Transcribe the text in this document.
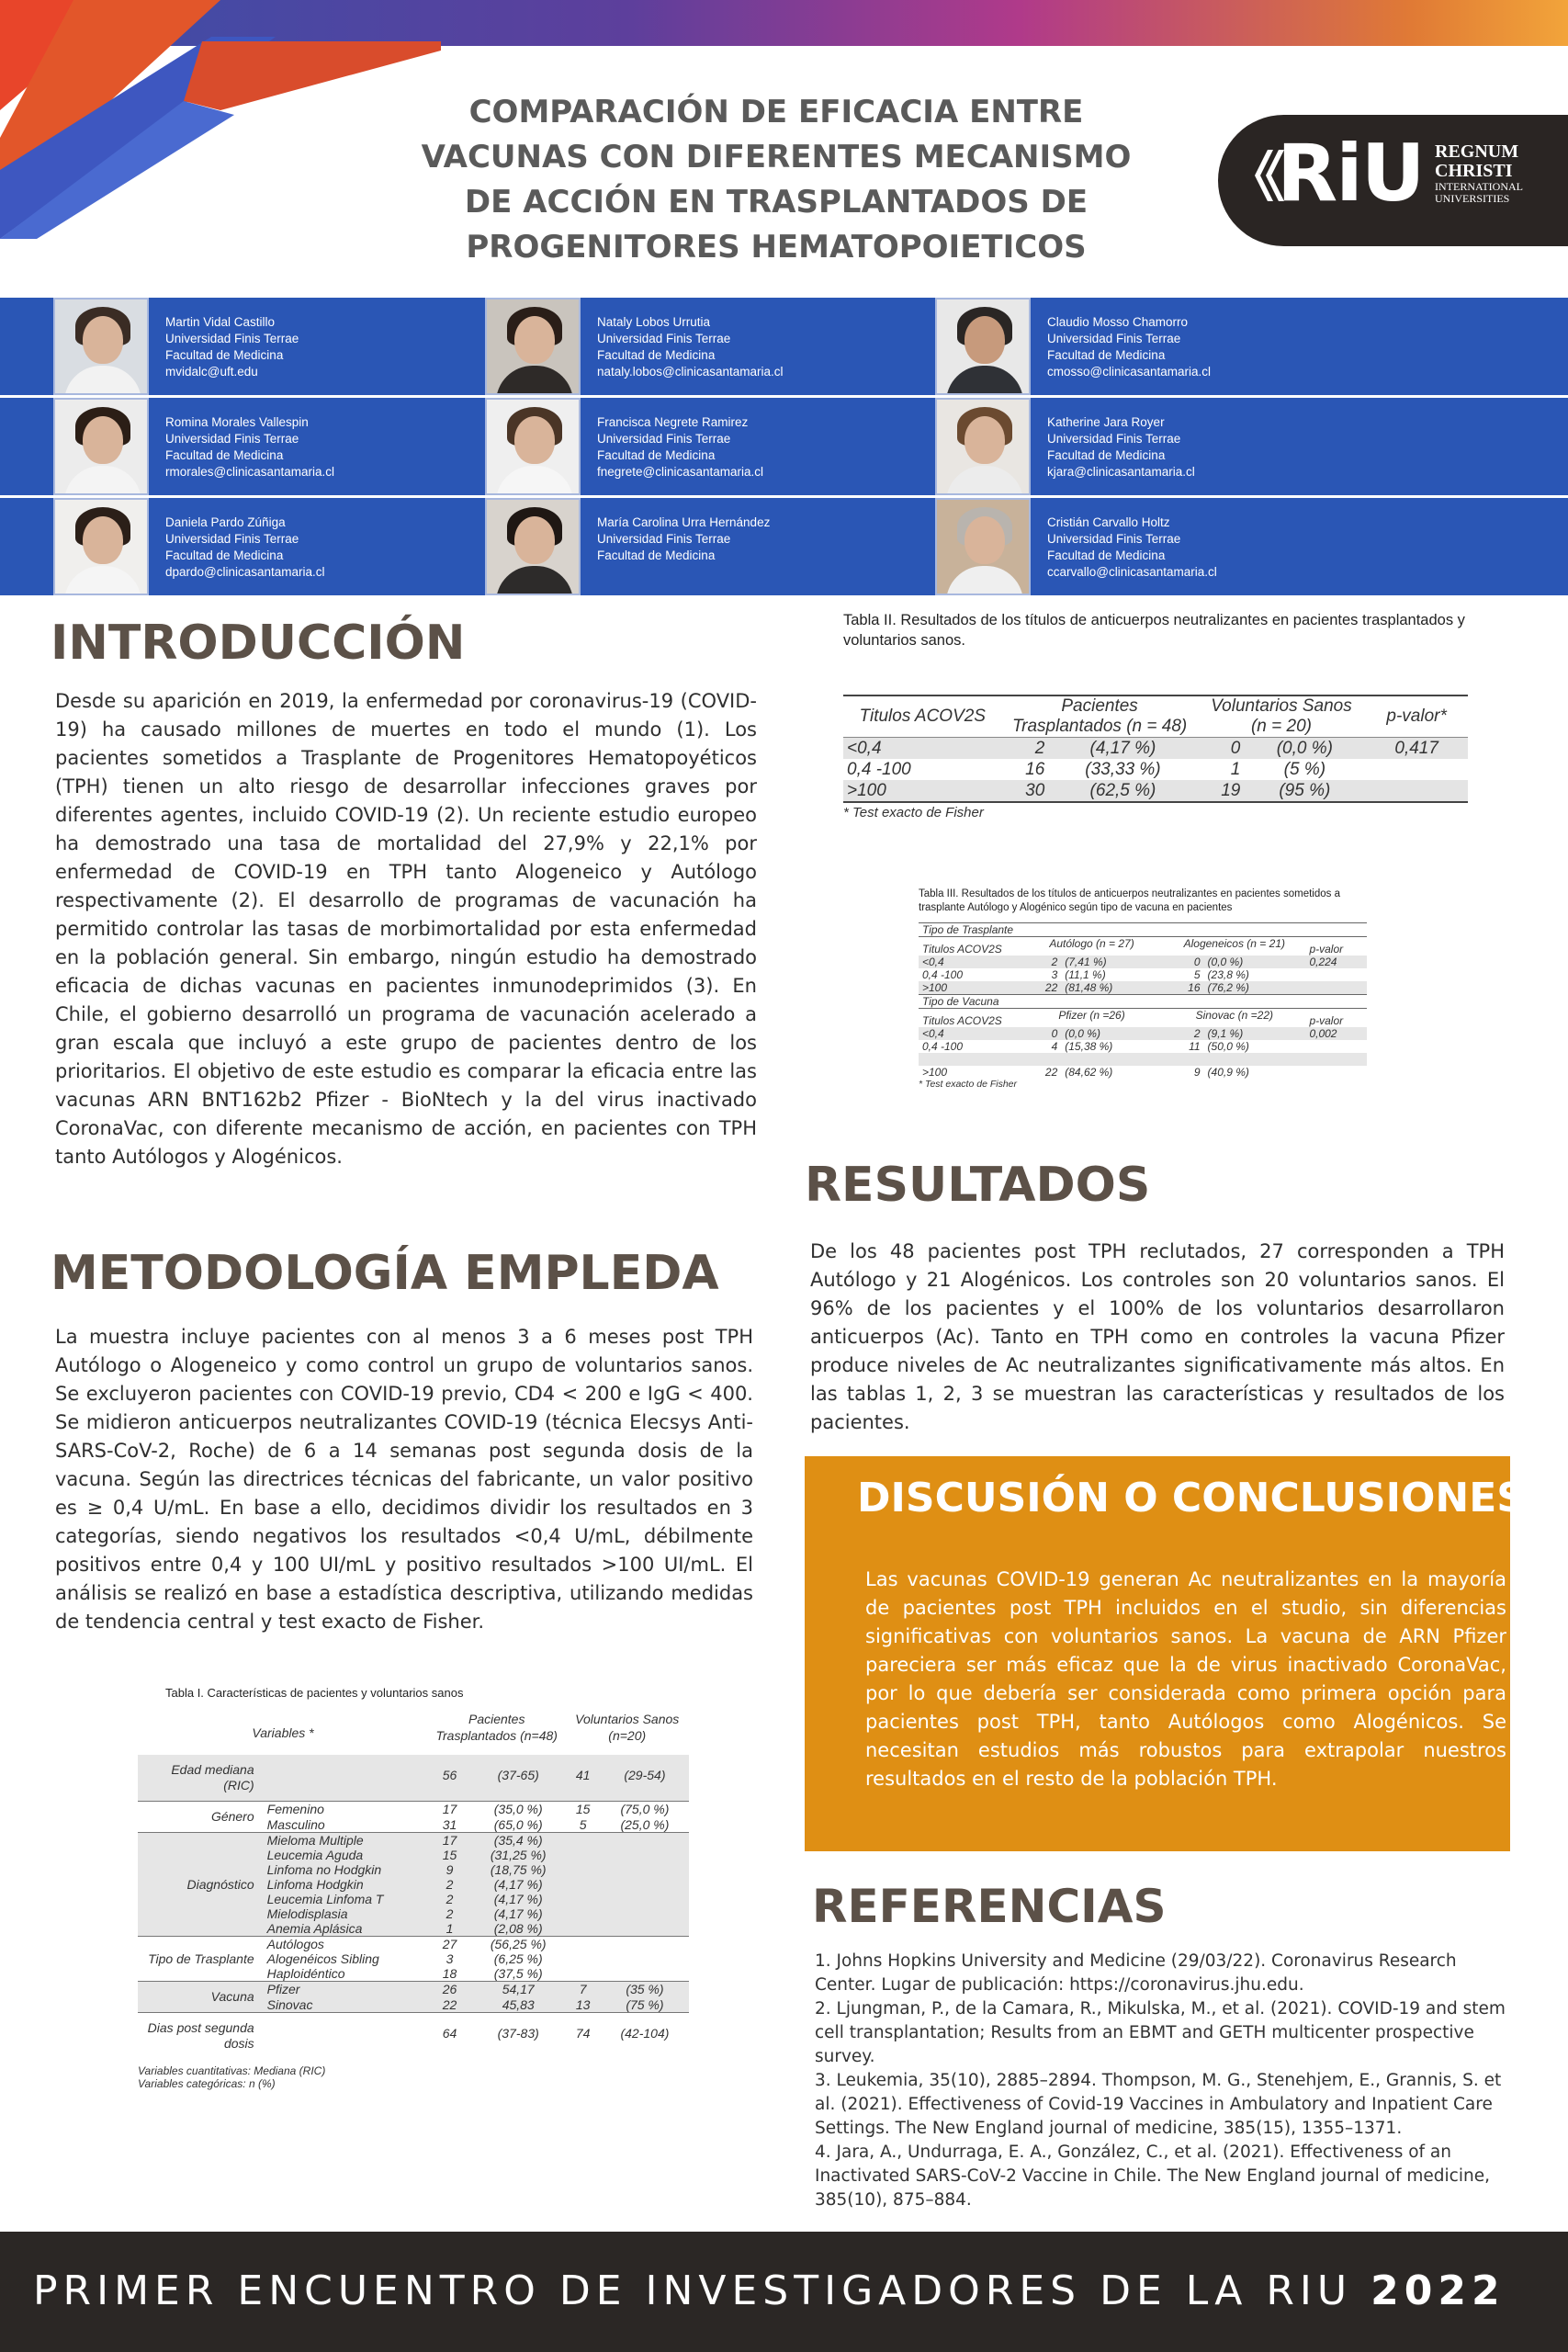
COMPARACIÓN DE EFICACIA ENTRE
VACUNAS CON DIFERENTES MECANISMO
DE ACCIÓN EN TRASPLANTADOS DE
PROGENITORES HEMATOPOIETICOS
RiU REGNUM
CHRISTI
INTERNATIONAL
UNIVERSITIES
Martin Vidal Castillo
Universidad Finis Terrae
Facultad de Medicina
mvidalc@uft.edu
Nataly Lobos Urrutia
Universidad Finis Terrae
Facultad de Medicina
nataly.lobos@clinicasantamaria.cl
Claudio Mosso Chamorro
Universidad Finis Terrae
Facultad de Medicina
cmosso@clinicasantamaria.cl
Romina Morales Vallespin
Universidad Finis Terrae
Facultad de Medicina
rmorales@clinicasantamaria.cl
Francisca Negrete Ramirez
Universidad Finis Terrae
Facultad de Medicina
fnegrete@clinicasantamaria.cl
Katherine Jara Royer
Universidad Finis Terrae
Facultad de Medicina
kjara@clinicasantamaria.cl
Daniela Pardo Zúñiga
Universidad Finis Terrae
Facultad de Medicina
dpardo@clinicasantamaria.cl
María Carolina Urra Hernández
Universidad Finis Terrae
Facultad de Medicina
Cristián Carvallo Holtz
Universidad Finis Terrae
Facultad de Medicina
ccarvallo@clinicasantamaria.cl
INTRODUCCIÓN
Desde su aparición en 2019, la enfermedad por coronavirus-19 (COVID-19) ha causado millones de muertes en todo el mundo (1). Los pacientes sometidos a Trasplante de Progenitores Hematopoyéticos (TPH) tienen un alto riesgo de desarrollar infecciones graves por diferentes agentes, incluido COVID-19 (2). Un reciente estudio europeo ha demostrado una tasa de mortalidad del 27,9% y 22,1% por enfermedad de COVID-19 en TPH tanto Alogeneico y Autólogo respectivamente (2). El desarrollo de programas de vacunación ha permitido controlar las tasas de morbimortalidad por esta enfermedad en la población general. Sin embargo, ningún estudio ha demostrado eficacia de dichas vacunas en pacientes inmunodeprimidos (3). En Chile, el gobierno desarrolló un programa de vacunación acelerado a gran escala que incluyó a este grupo de pacientes dentro de los prioritarios. El objetivo de este estudio es comparar la eficacia entre las vacunas ARN BNT162b2 Pfizer - BioNtech y la del virus inactivado CoronaVac, con diferente mecanismo de acción, en pacientes con TPH tanto Autólogos y Alogénicos.
METODOLOGÍA EMPLEDA
La muestra incluye pacientes con al menos 3 a 6 meses post TPH Autólogo o Alogeneico y como control un grupo de voluntarios sanos. Se excluyeron pacientes con COVID-19 previo, CD4 < 200 e IgG < 400. Se midieron anticuerpos neutralizantes COVID-19 (técnica Elecsys Anti-SARS-CoV-2, Roche) de 6 a 14 semanas post segunda dosis de la vacuna. Según las directrices técnicas del fabricante, un valor positivo es ≥ 0,4 U/mL. En base a ello, decidimos dividir los resultados en 3 categorías, siendo negativos los resultados <0,4 U/mL, débilmente positivos entre 0,4 y 100 UI/mL y positivo resultados >100 UI/mL. El análisis se realizó en base a estadística descriptiva, utilizando medidas de tendencia central y test exacto de Fisher.
Tabla I. Características de pacientes y voluntarios sanos
Variables *		Pacientes Trasplantados (n=48)		Voluntarios Sanos (n=20)	
Edad mediana (RIC)		56	(37-65)	41	(29-54)
Género	Femenino	17	(35,0 %)	15	(75,0 %)
	Masculino	31	(65,0 %)	5	(25,0 %)
Diagnóstico	Mieloma Multiple	17	(35,4 %)		
	Leucemia Aguda	15	(31,25 %)		
	Linfoma no Hodgkin	9	(18,75 %)		
	Linfoma Hodgkin	2	(4,17 %)		
	Leucemia Linfoma T	2	(4,17 %)		
	Mielodisplasia	2	(4,17 %)		
	Anemia Aplásica	1	(2,08 %)		
Tipo de Trasplante	Autólogos	27	(56,25 %)		
	Alogenéicos Sibling	3	(6,25 %)		
	Haploidéntico	18	(37,5 %)		
Vacuna	Pfizer	26	54,17	7	(35 %)
	Sinovac	22	45,83	13	(75 %)
Dias post segunda dosis		64	(37-83)	74	(42-104)
Variables cuantitativas: Mediana (RIC)
Variables categóricas: n (%)
Tabla II. Resultados de los títulos de anticuerpos neutralizantes en pacientes trasplantados y voluntarios sanos.
Titulos ACOV2S	Pacientes Trasplantados (n = 48)		Voluntarios Sanos (n = 20)		p-valor*
<0,4	2	(4,17 %)	0	(0,0 %)	0,417
0,4 -100	16	(33,33 %)	1	(5 %)	
>100	30	(62,5 %)	19	(95 %)	
* Test exacto de Fisher
Tabla III. Resultados de los títulos de anticuerpos neutralizantes en pacientes sometidos a trasplante Autólogo y Alogénico según tipo de vacuna en pacientes
Tipo de Trasplante					
Titulos ACOV2S	Autólogo (n = 27)		Alogeneicos (n = 21)		p-valor
<0,4	2	(7,41 %)	0	(0,0 %)	0,224
0,4 -100	3	(11,1 %)	5	(23,8 %)	
>100	22	(81,48 %)	16	(76,2 %)	
Tipo de Vacuna					
Titulos ACOV2S	Pfizer (n =26)		Sinovac (n =22)		p-valor
<0,4	0	(0,0 %)	2	(9,1 %)	0,002
0,4 -100	4	(15,38 %)	11	(50,0 %)	

>100	22	(84,62 %)	9	(40,9 %)	
* Test exacto de Fisher
RESULTADOS
De los 48 pacientes post TPH reclutados, 27 corresponden a TPH Autólogo y 21 Alogénicos. Los controles son 20 voluntarios sanos. El 96% de los pacientes y el 100% de los voluntarios desarrollaron anticuerpos (Ac). Tanto en TPH como en controles la vacuna Pfizer produce niveles de Ac neutralizantes significativamente más altos. En las tablas 1, 2, 3 se muestran las características y resultados de los pacientes.
DISCUSIÓN O CONCLUSIONES
Las vacunas COVID-19 generan Ac neutralizantes en la mayoría de pacientes post TPH incluidos en el studio, sin diferencias significativas con voluntarios sanos. La vacuna de ARN Pfizer pareciera ser más eficaz que la de virus inactivado CoronaVac, por lo que debería ser considerada como primera opción para pacientes post TPH, tanto Autólogos como Alogénicos. Se necesitan estudios más robustos para extrapolar nuestros resultados en el resto de la población TPH.
REFERENCIAS
1. Johns Hopkins University and Medicine (29/03/22). Coronavirus Research Center. Lugar de publicación: https://coronavirus.jhu.edu.
2. Ljungman, P., de la Camara, R., Mikulska, M., et al. (2021). COVID-19 and stem cell transplantation; Results from an EBMT and GETH multicenter prospective survey.
3. Leukemia, 35(10), 2885–2894. Thompson, M. G., Stenehjem, E., Grannis, S. et al. (2021). Effectiveness of Covid-19 Vaccines in Ambulatory and Inpatient Care Settings. The New England journal of medicine, 385(15), 1355–1371.
4. Jara, A., Undurraga, E. A., González, C., et al. (2021). Effectiveness of an Inactivated SARS-CoV-2 Vaccine in Chile. The New England journal of medicine, 385(10), 875–884.
PRIMER ENCUENTRO DE INVESTIGADORES DE LA RIU 2022
